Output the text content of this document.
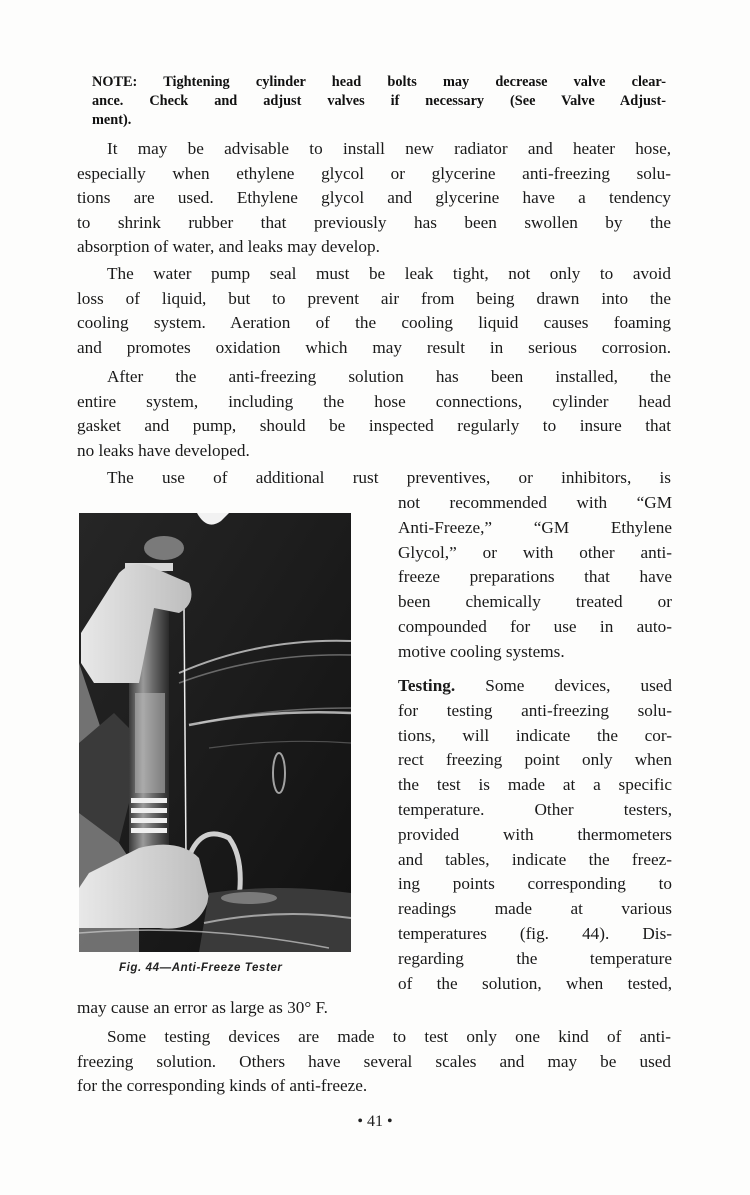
NOTE: Tightening cylinder head bolts may decrease valve clear-
ance. Check and adjust valves if necessary (See Valve Adjust-
ment).
It may be advisable to install new radiator and heater hose,
especially when ethylene glycol or glycerine anti-freezing solu-
tions are used. Ethylene glycol and glycerine have a tendency
to shrink rubber that previously has been swollen by the
absorption of water, and leaks may develop.
The water pump seal must be leak tight, not only to avoid
loss of liquid, but to prevent air from being drawn into the
cooling system. Aeration of the cooling liquid causes foaming
and promotes oxidation which may result in serious corrosion.
After the anti-freezing solution has been installed, the
entire system, including the hose connections, cylinder head
gasket and pump, should be inspected regularly to insure that
no leaks have developed.
The use of additional rust preventives, or inhibitors, is
not recommended with “GM
Anti-Freeze,” “GM Ethylene
Glycol,” or with other anti-
freeze preparations that have
been chemically treated or
compounded for use in auto-
motive cooling systems.
Testing. Some devices, used
for testing anti-freezing solu-
tions, will indicate the cor-
rect freezing point only when
the test is made at a specific
temperature. Other testers,
provided with thermometers
and tables, indicate the freez-
ing points corresponding to
readings made at various
temperatures (fig. 44). Dis-
regarding the temperature
of the solution, when tested,
may cause an error as large as 30° F.
Some testing devices are made to test only one kind of anti-
freezing solution. Others have several scales and may be used
for the corresponding kinds of anti-freeze.
Fig. 44—Anti-Freeze Tester
• 41 •
